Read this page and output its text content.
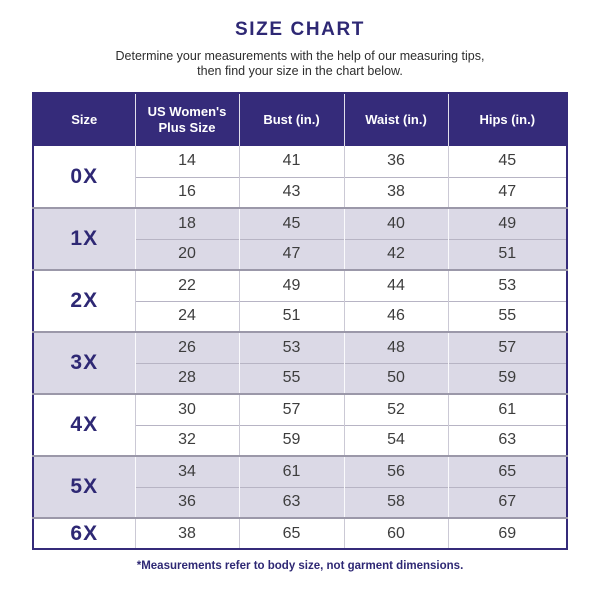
SIZE CHART

Determine your measurements with the help of our measuring tips,
then find your size in the chart below.

Size	US Women's Plus Size	Bust (in.)	Waist (in.)	Hips (in.)
0X	14	41	36	45
	16	43	38	47
1X	18	45	40	49
	20	47	42	51
2X	22	49	44	53
	24	51	46	55
3X	26	53	48	57
	28	55	50	59
4X	30	57	52	61
	32	59	54	63
5X	34	61	56	65
	36	63	58	67
6X	38	65	60	69

*Measurements refer to body size, not garment dimensions.
